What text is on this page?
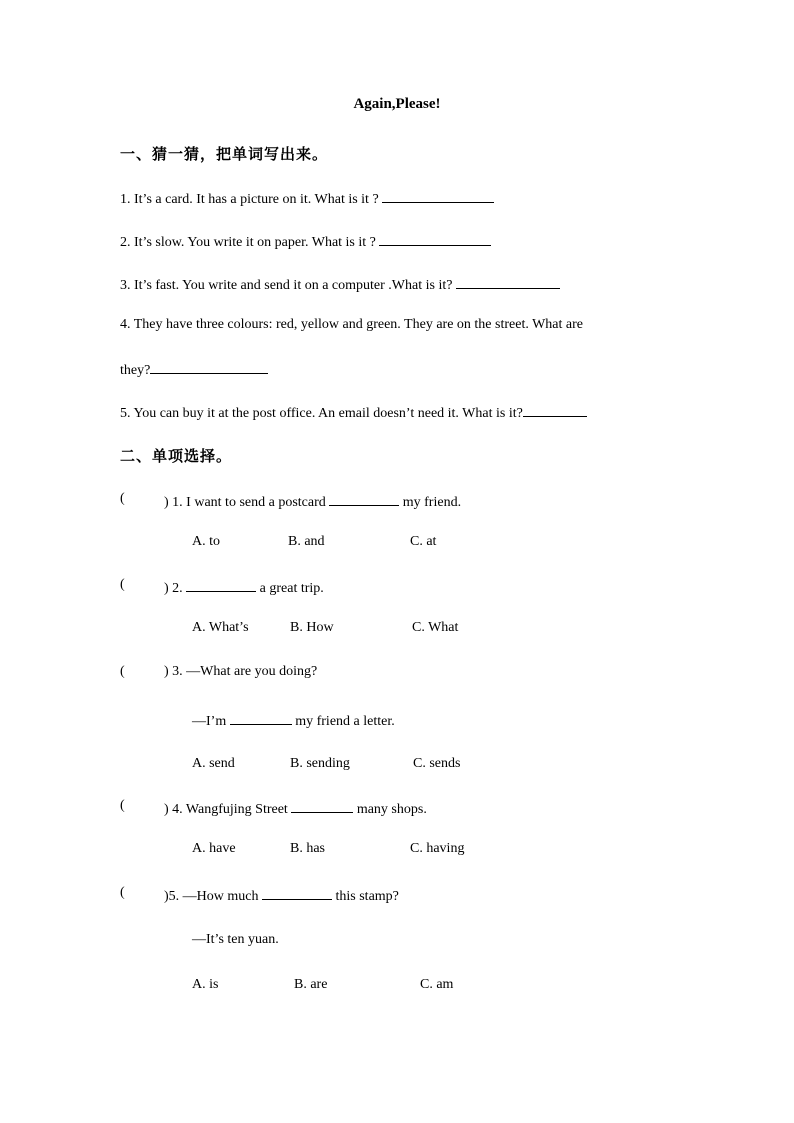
Again,Please!
一、猜一猜，把单词写出来。
1. It’s a card. It has a picture on it. What is it ?
2. It’s slow. You write it on paper. What is it ?
3. It’s fast. You write and send it on a computer .What is it?
4. They have three colours: red, yellow and green. They are on the street. What are
they?
5. You can buy it at the post office. An email doesn’t need it. What is it?
二、单项选择。
(	) 1. I want to send a postcard	my friend.
A. to	B. and	C. at
(	) 2.	a great trip.
A. What’s	B. How	C. What
(	) 3. —What are you doing?
—I’m	my friend a letter.
A. send	B. sending	C. sends
(	) 4. Wangfujing Street	many shops.
A. have	B. has	C. having
(	)5. —How much	this stamp?
—It’s ten yuan.
A. is	B. are	C. am
